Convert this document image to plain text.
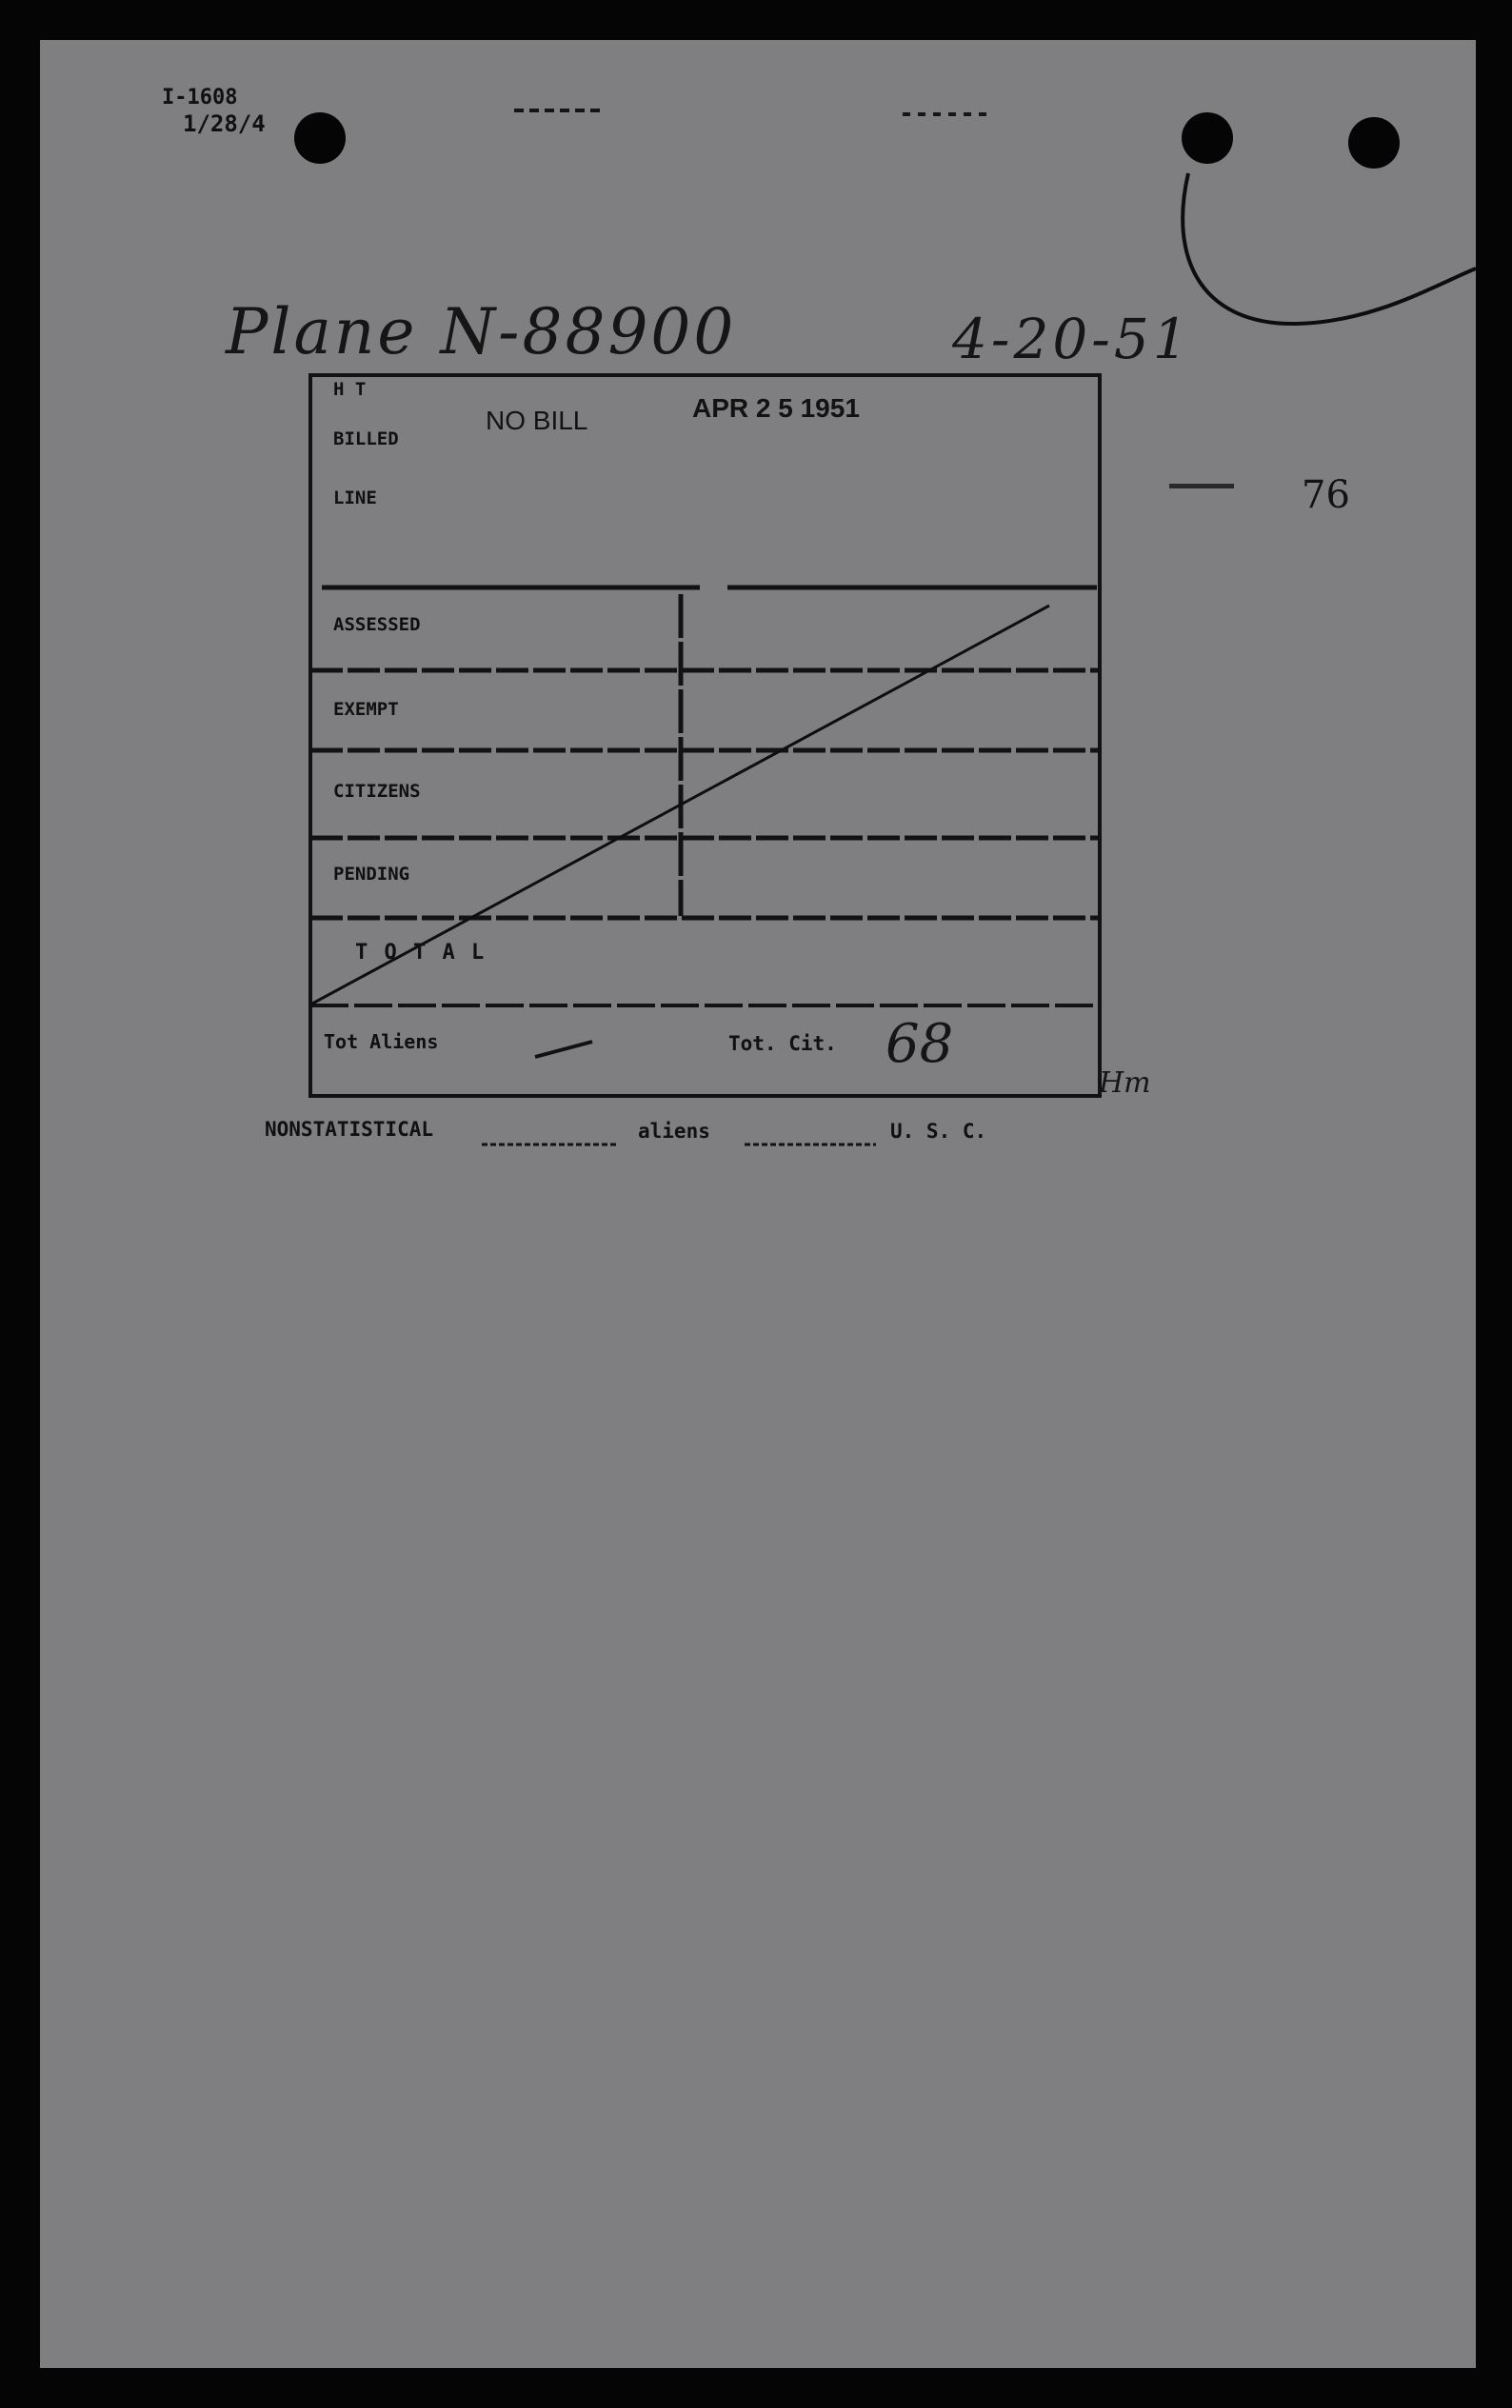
I-1608
1/28/4
Plane N-88900	4-20-51
76
H T
BILLED
LINE
NO BILL	APR 2 5 1951
ASSESSED
EXEMPT
CITIZENS
PENDING
T O T A L
Tot Aliens	Tot. Cit. 68
Hm
NONSTATISTICAL	aliens	U. S. C.
